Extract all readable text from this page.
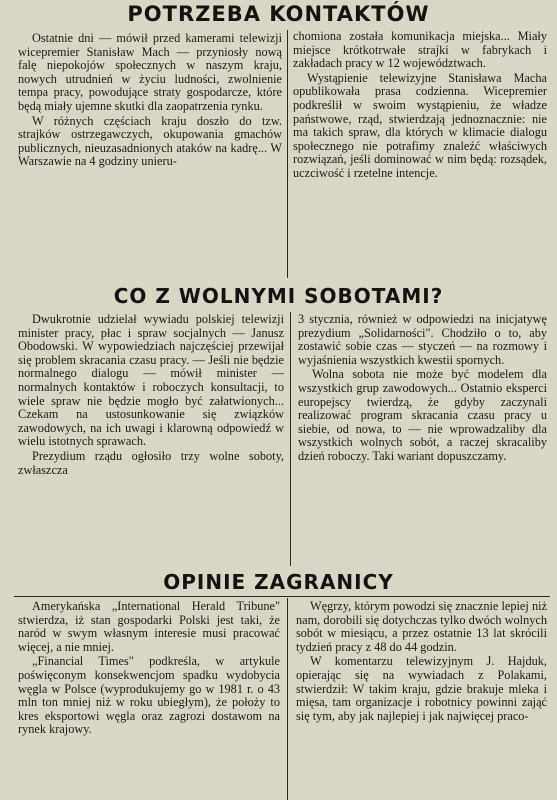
POTRZEBA KONTAKTÓW

Ostatnie dni — mówił przed kamerami telewizji wicepremier Stanisław Mach — przyniosły nową falę niepokojów społecznych w naszym kraju, nowych utrudnień w życiu ludności, zwolnienie tempa pracy, powodujące straty gospodarcze, które będą miały ujemne skutki dla zaopatrzenia rynku.

W różnych częściach kraju doszło do tzw. strajków ostrzegawczych, okupowania gmachów publicznych, nieuzasadnionych ataków na kadrę... W Warszawie na 4 godziny unieru-

chomiona została komunikacja miejska... Miały miejsce krótkotrwałe strajki w fabrykach i zakładach pracy w 12 województwach.

Wystąpienie telewizyjne Stanisława Macha opublikowała prasa codzienna. Wicepremier podkreślił w swoim wystąpieniu, że władze państwowe, rząd, stwierdzają jednoznacznie: nie ma takich spraw, dla których w klimacie dialogu społecznego nie potrafimy znaleźć właściwych rozwiązań, jeśli dominować w nim będą: rozsądek, uczciwość i rzetelne intencje.

CO Z WOLNYMI SOBOTAMI?

Dwukrotnie udzielał wywiadu polskiej telewizji minister pracy, płac i spraw socjalnych — Janusz Obodowski. W wypowiedziach najczęściej przewijał się problem skracania czasu pracy. — Jeśli nie będzie normalnego dialogu — mówił minister — normalnych kontaktów i roboczych konsultacji, to wiele spraw nie będzie mogło być załatwionych... Czekam na ustosunkowanie się związków zawodowych, na ich uwagi i klarowną odpowiedź w wielu istotnych sprawach.

Prezydium rządu ogłosiło trzy wolne soboty, zwłaszcza

3 stycznia, również w odpowiedzi na inicjatywę prezydium „Solidarności". Chodziło o to, aby zostawić sobie czas — styczeń — na rozmowy i wyjaśnienia wszystkich kwestii spornych.

Wolna sobota nie może być modelem dla wszystkich grup zawodowych... Ostatnio eksperci europejscy twierdzą, że gdyby zaczynali realizować program skracania czasu pracy u siebie, od nowa, to — nie wprowadzaliby dla wszystkich wolnych sobót, a raczej skracaliby dzień roboczy. Taki wariant dopuszczamy.

OPINIE ZAGRANICY

Amerykańska „International Herald Tribune" stwierdza, iż stan gospodarki Polski jest taki, że naród w swym własnym interesie musi pracować więcej, a nie mniej.

„Financial Times" podkreśla, w artykule poświęconym konsekwencjom spadku wydobycia węgla w Polsce (wyprodukujemy go w 1981 r. o 43 mln ton mniej niż w roku ubiegłym), że położy to kres eksportowi węgla oraz zagrozi dostawom na rynek krajowy.

Węgrzy, którym powodzi się znacznie lepiej niż nam, dorobili się dotychczas tylko dwóch wolnych sobót w miesiącu, a przez ostatnie 13 lat skrócili tydzień pracy z 48 do 44 godzin.

W komentarzu telewizyjnym J. Hajduk, opierając się na wywiadach z Polakami, stwierdził: W takim kraju, gdzie brakuje mleka i mięsa, tam organizacje i robotnicy powinni zająć się tym, aby jak najlepiej i jak najwięcej praco-
